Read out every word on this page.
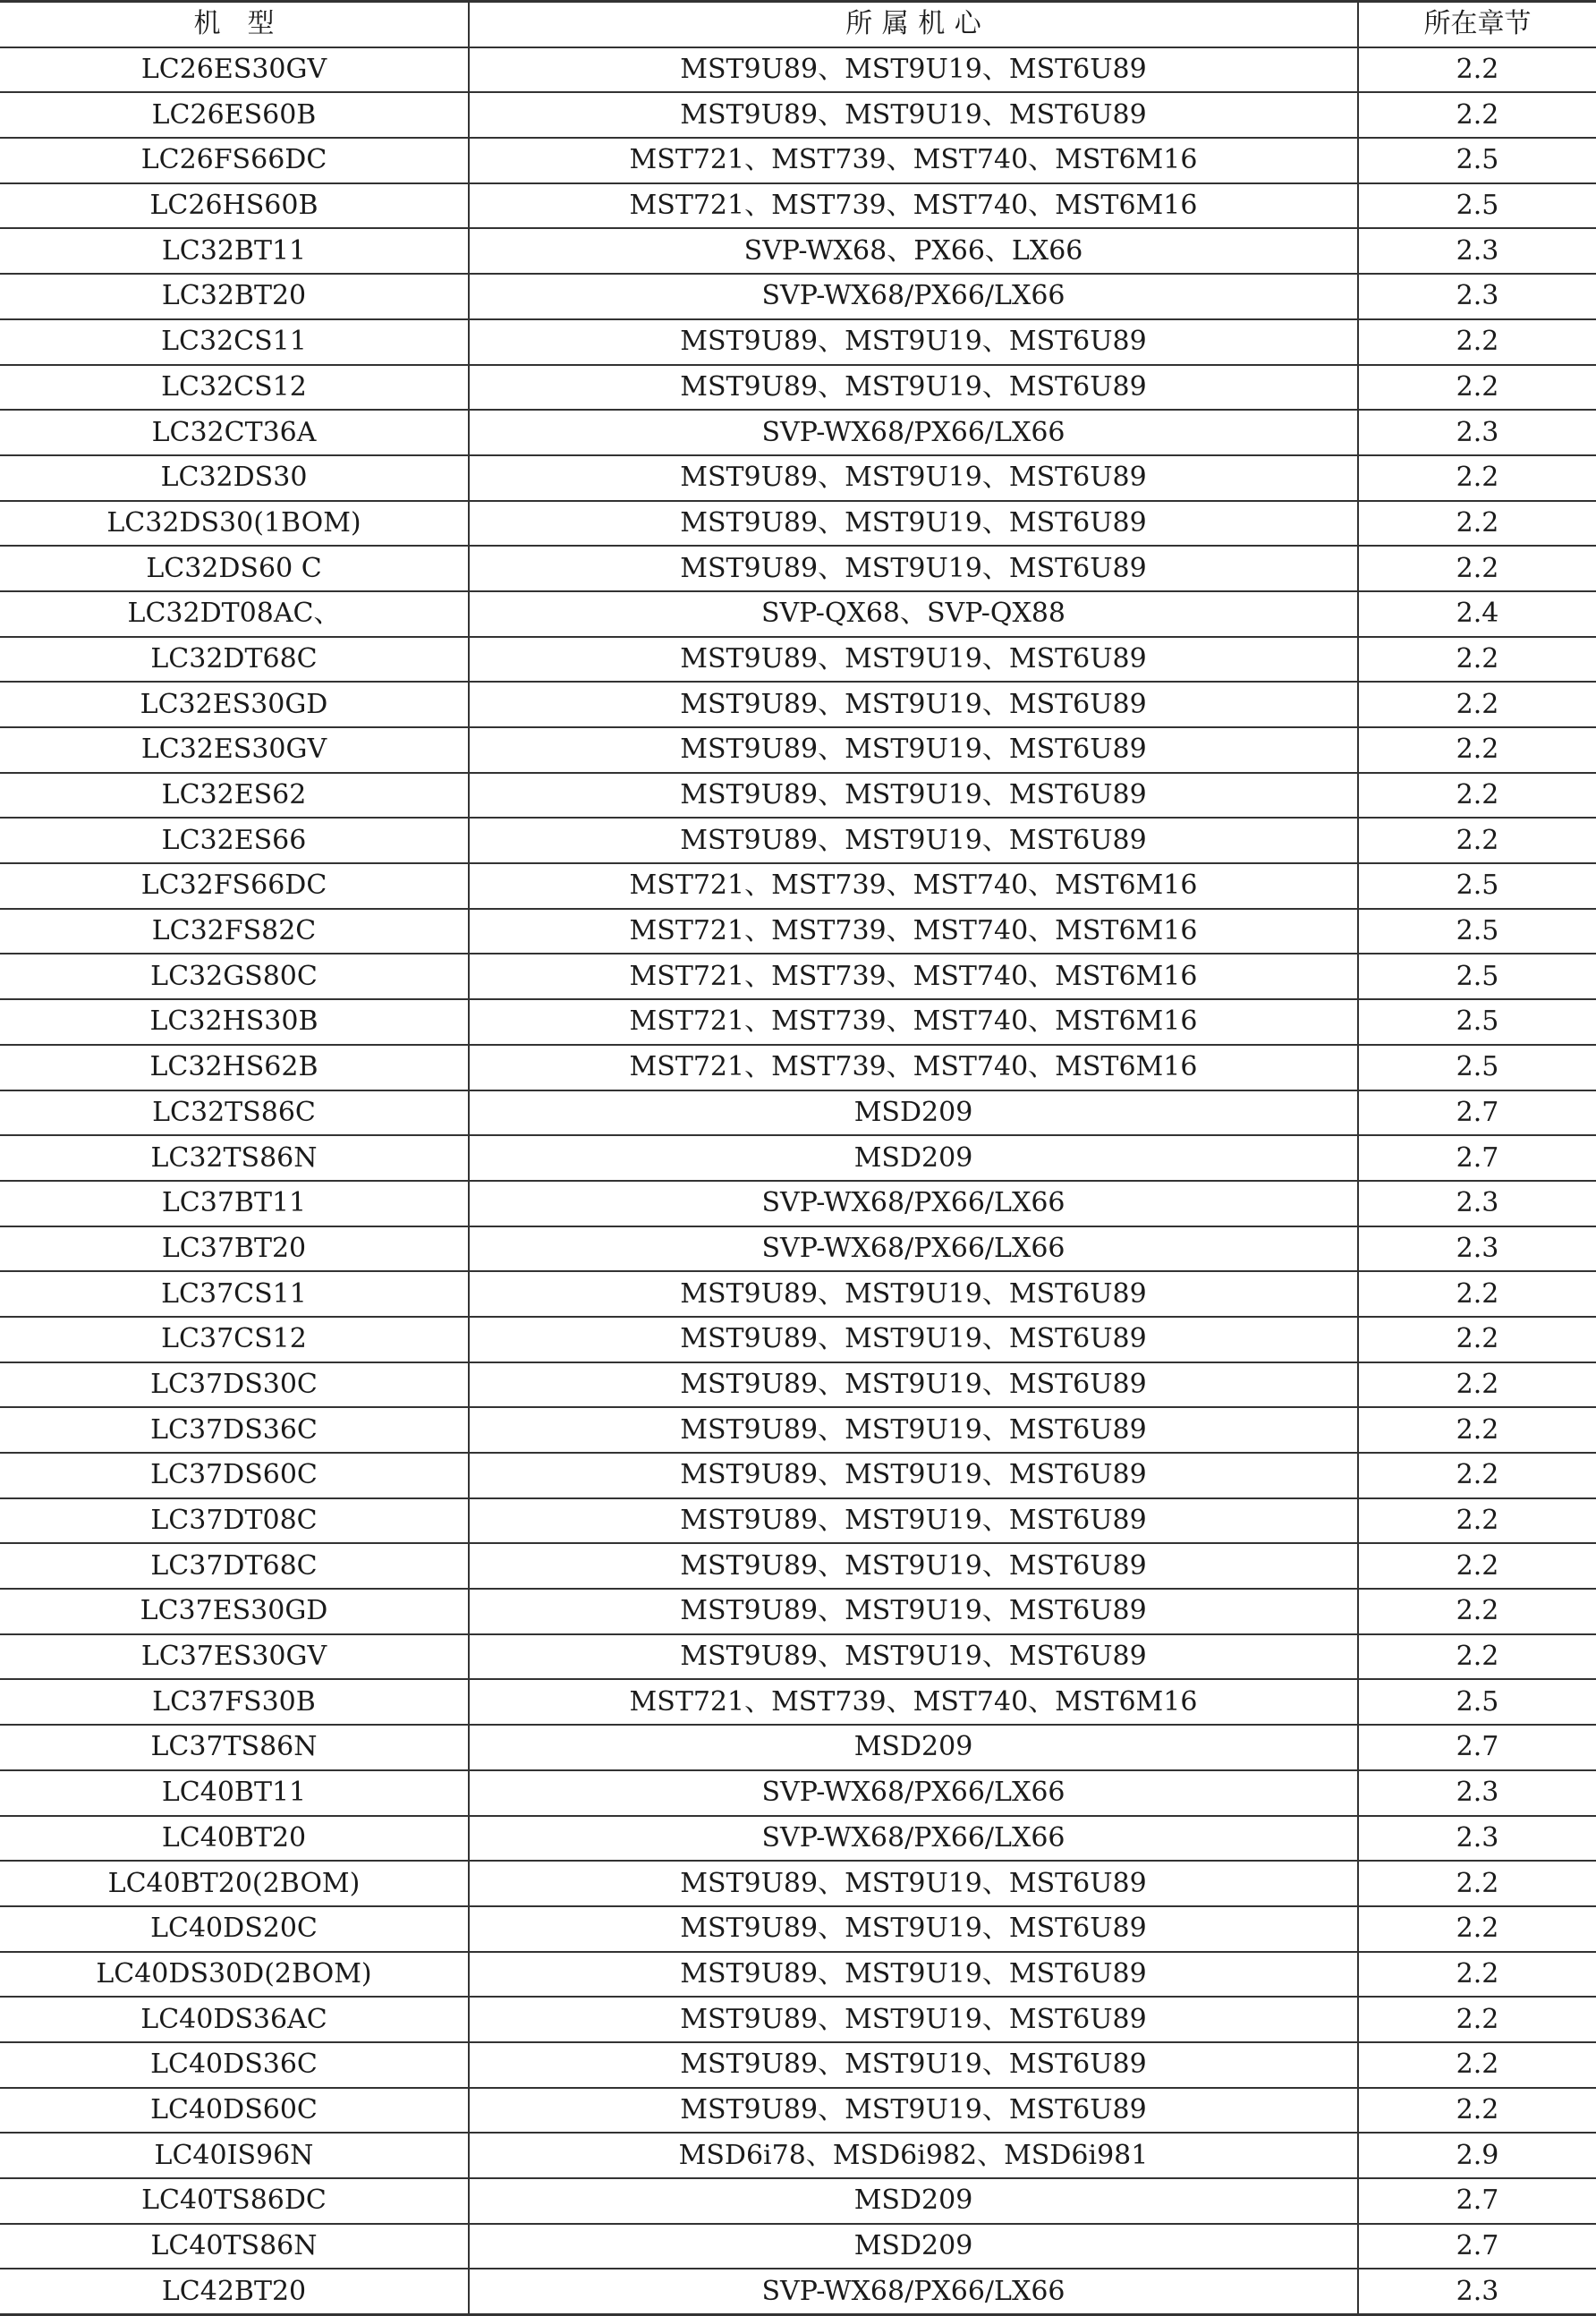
机　型	所属机心	所在章节
LC26ES30GV	MST9U89、MST9U19、MST6U89	2.2
LC26ES60B	MST9U89、MST9U19、MST6U89	2.2
LC26FS66DC	MST721、MST739、MST740、MST6M16	2.5
LC26HS60B	MST721、MST739、MST740、MST6M16	2.5
LC32BT11	SVP-WX68、PX66、LX66	2.3
LC32BT20	SVP-WX68/PX66/LX66	2.3
LC32CS11	MST9U89、MST9U19、MST6U89	2.2
LC32CS12	MST9U89、MST9U19、MST6U89	2.2
LC32CT36A	SVP-WX68/PX66/LX66	2.3
LC32DS30	MST9U89、MST9U19、MST6U89	2.2
LC32DS30(1BOM)	MST9U89、MST9U19、MST6U89	2.2
LC32DS60 C	MST9U89、MST9U19、MST6U89	2.2
LC32DT08AC、	SVP-QX68、SVP-QX88	2.4
LC32DT68C	MST9U89、MST9U19、MST6U89	2.2
LC32ES30GD	MST9U89、MST9U19、MST6U89	2.2
LC32ES30GV	MST9U89、MST9U19、MST6U89	2.2
LC32ES62	MST9U89、MST9U19、MST6U89	2.2
LC32ES66	MST9U89、MST9U19、MST6U89	2.2
LC32FS66DC	MST721、MST739、MST740、MST6M16	2.5
LC32FS82C	MST721、MST739、MST740、MST6M16	2.5
LC32GS80C	MST721、MST739、MST740、MST6M16	2.5
LC32HS30B	MST721、MST739、MST740、MST6M16	2.5
LC32HS62B	MST721、MST739、MST740、MST6M16	2.5
LC32TS86C	MSD209	2.7
LC32TS86N	MSD209	2.7
LC37BT11	SVP-WX68/PX66/LX66	2.3
LC37BT20	SVP-WX68/PX66/LX66	2.3
LC37CS11	MST9U89、MST9U19、MST6U89	2.2
LC37CS12	MST9U89、MST9U19、MST6U89	2.2
LC37DS30C	MST9U89、MST9U19、MST6U89	2.2
LC37DS36C	MST9U89、MST9U19、MST6U89	2.2
LC37DS60C	MST9U89、MST9U19、MST6U89	2.2
LC37DT08C	MST9U89、MST9U19、MST6U89	2.2
LC37DT68C	MST9U89、MST9U19、MST6U89	2.2
LC37ES30GD	MST9U89、MST9U19、MST6U89	2.2
LC37ES30GV	MST9U89、MST9U19、MST6U89	2.2
LC37FS30B	MST721、MST739、MST740、MST6M16	2.5
LC37TS86N	MSD209	2.7
LC40BT11	SVP-WX68/PX66/LX66	2.3
LC40BT20	SVP-WX68/PX66/LX66	2.3
LC40BT20(2BOM)	MST9U89、MST9U19、MST6U89	2.2
LC40DS20C	MST9U89、MST9U19、MST6U89	2.2
LC40DS30D(2BOM)	MST9U89、MST9U19、MST6U89	2.2
LC40DS36AC	MST9U89、MST9U19、MST6U89	2.2
LC40DS36C	MST9U89、MST9U19、MST6U89	2.2
LC40DS60C	MST9U89、MST9U19、MST6U89	2.2
LC40IS96N	MSD6i78、MSD6i982、MSD6i981	2.9
LC40TS86DC	MSD209	2.7
LC40TS86N	MSD209	2.7
LC42BT20	SVP-WX68/PX66/LX66	2.3
